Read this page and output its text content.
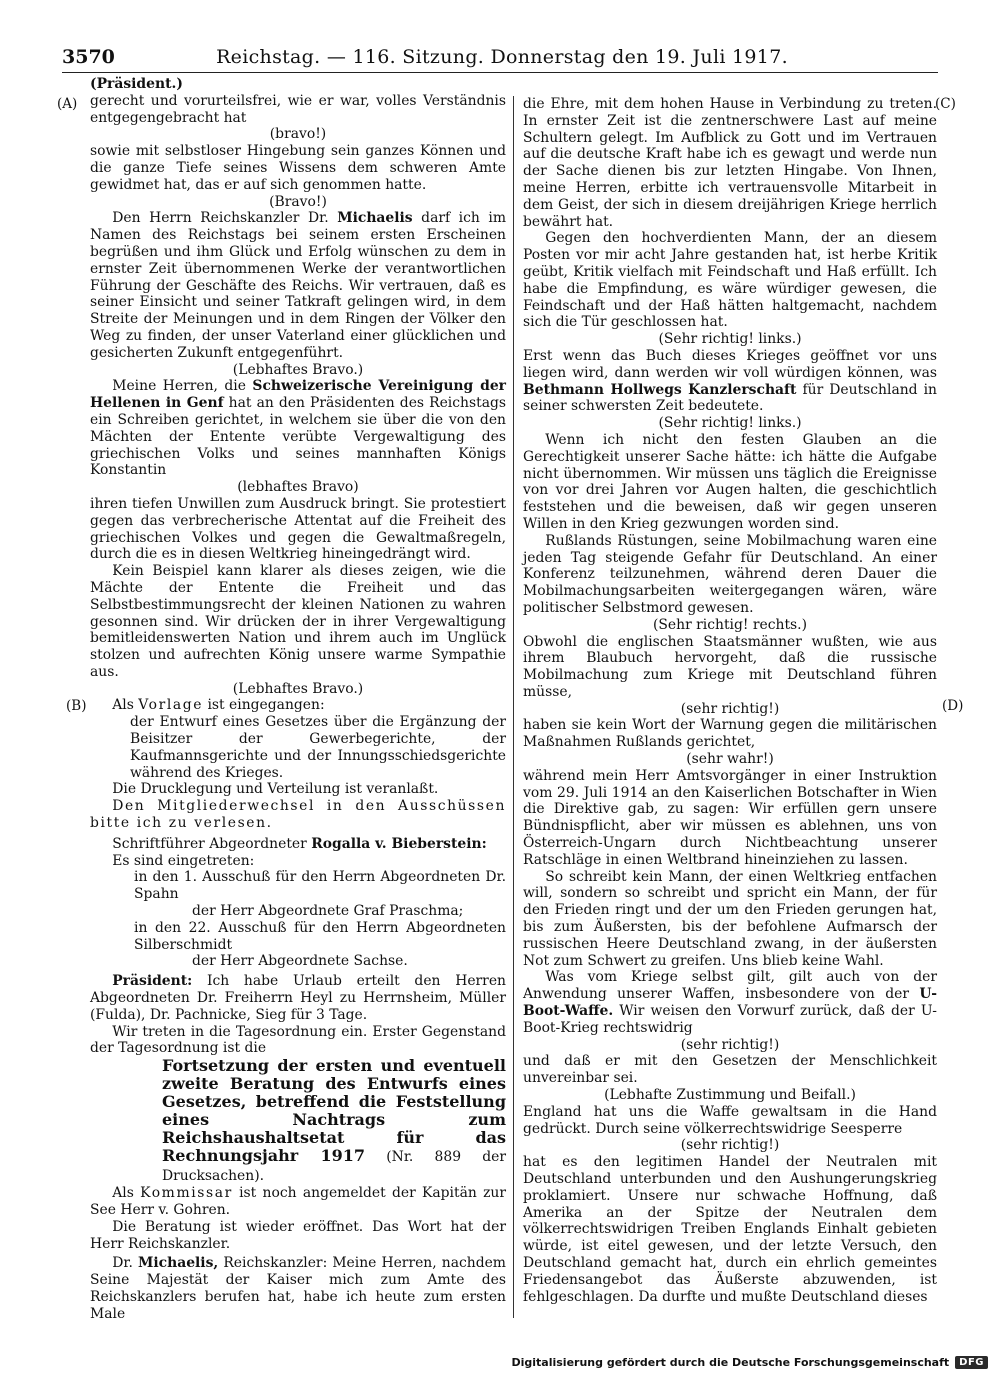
3570	Reichstag. — 116. Sitzung. Donnerstag den 19. Juli 1917.
(A)
(B)
(C)
(D)

(Präsident.)

gerecht und vorurteilsfrei, wie er war, volles Verständnis entgegengebracht hat

(bravo!)

sowie mit selbstloser Hingebung sein ganzes Können und die ganze Tiefe seines Wissens dem schweren Amte gewidmet hat, das er auf sich genommen hatte.

(Bravo!)

Den Herrn Reichskanzler Dr. Michaelis darf ich im Namen des Reichstags bei seinem ersten Erscheinen begrüßen und ihm Glück und Erfolg wünschen zu dem in ernster Zeit übernommenen Werke der verantwortlichen Führung der Geschäfte des Reichs. Wir vertrauen, daß es seiner Einsicht und seiner Tatkraft gelingen wird, in dem Streite der Meinungen und in dem Ringen der Völker den Weg zu finden, der unser Vaterland einer glücklichen und gesicherten Zukunft entgegenführt.

(Lebhaftes Bravo.)

Meine Herren, die Schweizerische Vereinigung der Hellenen in Genf hat an den Präsidenten des Reichstags ein Schreiben gerichtet, in welchem sie über die von den Mächten der Entente verübte Vergewaltigung des griechischen Volks und seines mannhaften Königs Konstantin

(lebhaftes Bravo)

ihren tiefen Unwillen zum Ausdruck bringt. Sie protestiert gegen das verbrecherische Attentat auf die Freiheit des griechischen Volkes und gegen die Gewaltmaßregeln, durch die es in diesen Weltkrieg hineingedrängt wird.

Kein Beispiel kann klarer als dieses zeigen, wie die Mächte der Entente die Freiheit und das Selbstbestimmungsrecht der kleinen Nationen zu wahren gesonnen sind. Wir drücken der in ihrer Vergewaltigung bemitleidenswerten Nation und ihrem auch im Unglück stolzen und aufrechten König unsere warme Sympathie aus.

(Lebhaftes Bravo.)

Als Vorlage ist eingegangen:

der Entwurf eines Gesetzes über die Ergänzung der Beisitzer der Gewerbegerichte, der Kaufmannsgerichte und der Innungsschiedsgerichte während des Krieges.

Die Drucklegung und Verteilung ist veranlaßt.

Den Mitgliederwechsel in den Ausschüssen bitte ich zu verlesen.

Schriftführer Abgeordneter Rogalla v. Bieberstein:

Es sind eingetreten:

in den 1. Ausschuß für den Herrn Abgeordneten Dr. Spahn

der Herr Abgeordnete Graf Praschma;

in den 22. Ausschuß für den Herrn Abgeordneten Silberschmidt

der Herr Abgeordnete Sachse.

Präsident: Ich habe Urlaub erteilt den Herren Abgeordneten Dr. Freiherrn Heyl zu Herrnsheim, Müller (Fulda), Dr. Pachnicke, Sieg für 3 Tage.

Wir treten in die Tagesordnung ein. Erster Gegenstand der Tagesordnung ist die

Fortsetzung der ersten und eventuell zweite Beratung des Entwurfs eines Gesetzes, betreffend die Feststellung eines Nachtrags zum Reichshaushaltsetat für das Rechnungsjahr 1917 (Nr. 889 der Drucksachen).

Als Kommissar ist noch angemeldet der Kapitän zur See Herr v. Gohren.

Die Beratung ist wieder eröffnet. Das Wort hat der Herr Reichskanzler.

Dr. Michaelis, Reichskanzler: Meine Herren, nachdem Seine Majestät der Kaiser mich zum Amte des Reichskanzlers berufen hat, habe ich heute zum ersten Male

die Ehre, mit dem hohen Hause in Verbindung zu treten. In ernster Zeit ist die zentnerschwere Last auf meine Schultern gelegt. Im Aufblick zu Gott und im Vertrauen auf die deutsche Kraft habe ich es gewagt und werde nun der Sache dienen bis zur letzten Hingabe. Von Ihnen, meine Herren, erbitte ich vertrauensvolle Mitarbeit in dem Geist, der sich in diesem dreijährigen Kriege herrlich bewährt hat.

Gegen den hochverdienten Mann, der an diesem Posten vor mir acht Jahre gestanden hat, ist herbe Kritik geübt, Kritik vielfach mit Feindschaft und Haß erfüllt. Ich habe die Empfindung, es wäre würdiger gewesen, die Feindschaft und der Haß hätten haltgemacht, nachdem sich die Tür geschlossen hat.

(Sehr richtig! links.)

Erst wenn das Buch dieses Krieges geöffnet vor uns liegen wird, dann werden wir voll würdigen können, was Bethmann Hollwegs Kanzlerschaft für Deutschland in seiner schwersten Zeit bedeutete.

(Sehr richtig! links.)

Wenn ich nicht den festen Glauben an die Gerechtigkeit unserer Sache hätte: ich hätte die Aufgabe nicht übernommen. Wir müssen uns täglich die Ereignisse von vor drei Jahren vor Augen halten, die geschichtlich feststehen und die beweisen, daß wir gegen unseren Willen in den Krieg gezwungen worden sind.

Rußlands Rüstungen, seine Mobilmachung waren eine jeden Tag steigende Gefahr für Deutschland. An einer Konferenz teilzunehmen, während deren Dauer die Mobilmachungsarbeiten weitergegangen wären, wäre politischer Selbstmord gewesen.

(Sehr richtig! rechts.)

Obwohl die englischen Staatsmänner wußten, wie aus ihrem Blaubuch hervorgeht, daß die russische Mobilmachung zum Kriege mit Deutschland führen müsse,

(sehr richtig!)

haben sie kein Wort der Warnung gegen die militärischen Maßnahmen Rußlands gerichtet,

(sehr wahr!)

während mein Herr Amtsvorgänger in einer Instruktion vom 29. Juli 1914 an den Kaiserlichen Botschafter in Wien die Direktive gab, zu sagen: Wir erfüllen gern unsere Bündnispflicht, aber wir müssen es ablehnen, uns von Österreich-Ungarn durch Nichtbeachtung unserer Ratschläge in einen Weltbrand hineinziehen zu lassen.

So schreibt kein Mann, der einen Weltkrieg entfachen will, sondern so schreibt und spricht ein Mann, der für den Frieden ringt und der um den Frieden gerungen hat, bis zum Äußersten, bis der befohlene Aufmarsch der russischen Heere Deutschland zwang, in der äußersten Not zum Schwert zu greifen. Uns blieb keine Wahl.

Was vom Kriege selbst gilt, gilt auch von der Anwendung unserer Waffen, insbesondere von der U-Boot-Waffe. Wir weisen den Vorwurf zurück, daß der U-Boot-Krieg rechtswidrig

(sehr richtig!)

und daß er mit den Gesetzen der Menschlichkeit unvereinbar sei.

(Lebhafte Zustimmung und Beifall.)

England hat uns die Waffe gewaltsam in die Hand gedrückt. Durch seine völkerrechtswidrige Seesperre

(sehr richtig!)

hat es den legitimen Handel der Neutralen mit Deutschland unterbunden und den Aushungerungskrieg proklamiert. Unsere nur schwache Hoffnung, daß Amerika an der Spitze der Neutralen dem völkerrechtswidrigen Treiben Englands Einhalt gebieten würde, ist eitel gewesen, und der letzte Versuch, den Deutschland gemacht hat, durch ein ehrlich gemeintes Friedensangebot das Äußerste abzuwenden, ist fehlgeschlagen. Da durfte und mußte Deutschland dieses

Digitalisierung gefördert durch die Deutsche Forschungsgemeinschaft	DFG
